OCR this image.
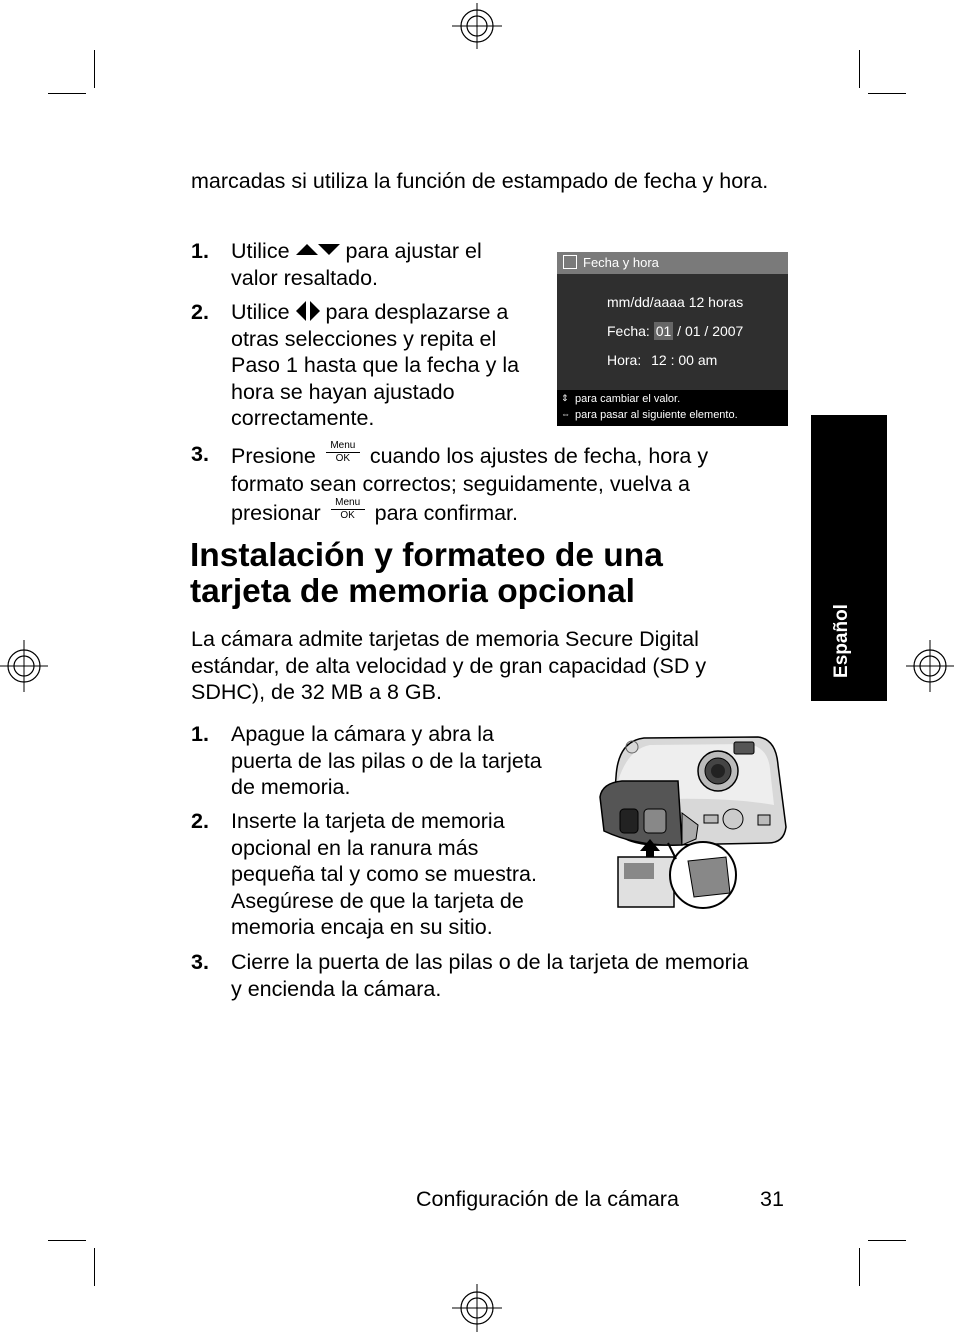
marcadas si utiliza la función de estampado de fecha y hora.

1.	Utilice	para ajustar el
valor resaltado.
2.	Utilice para desplazarse a
otras selecciones y repita el
Paso 1 hasta que la fecha y la
hora se hayan ajustado
correctamente.
Fecha y hora
mm/dd/aaaa 12 horas
Fecha: 01 / 01 / 2007
Hora: 12 : 00 am
⇕ para cambiar el valor.
⇔ para pasar al siguiente elemento.
3.	Presione	Menu
OK cuando los ajustes de fecha, hora y
formato sean correctos; seguidamente, vuelva a
presionar	Menu
OK para confirmar.
Instalación y formateo de una
tarjeta de memoria opcional

La cámara admite tarjetas de memoria Secure Digital
estándar, de alta velocidad y de gran capacidad (SD y
SDHC), de 32 MB a 8 GB.

1.	Apague la cámara y abra la
puerta de las pilas o de la tarjeta
de memoria.
2.	Inserte la tarjeta de memoria
opcional en la ranura más
pequeña tal y como se muestra.
Asegúrese de que la tarjeta de
memoria encaja en su sitio.
3.	Cierre la puerta de las pilas o de la tarjeta de memoria
y encienda la cámara.
Español
Configuración de la cámara	31
